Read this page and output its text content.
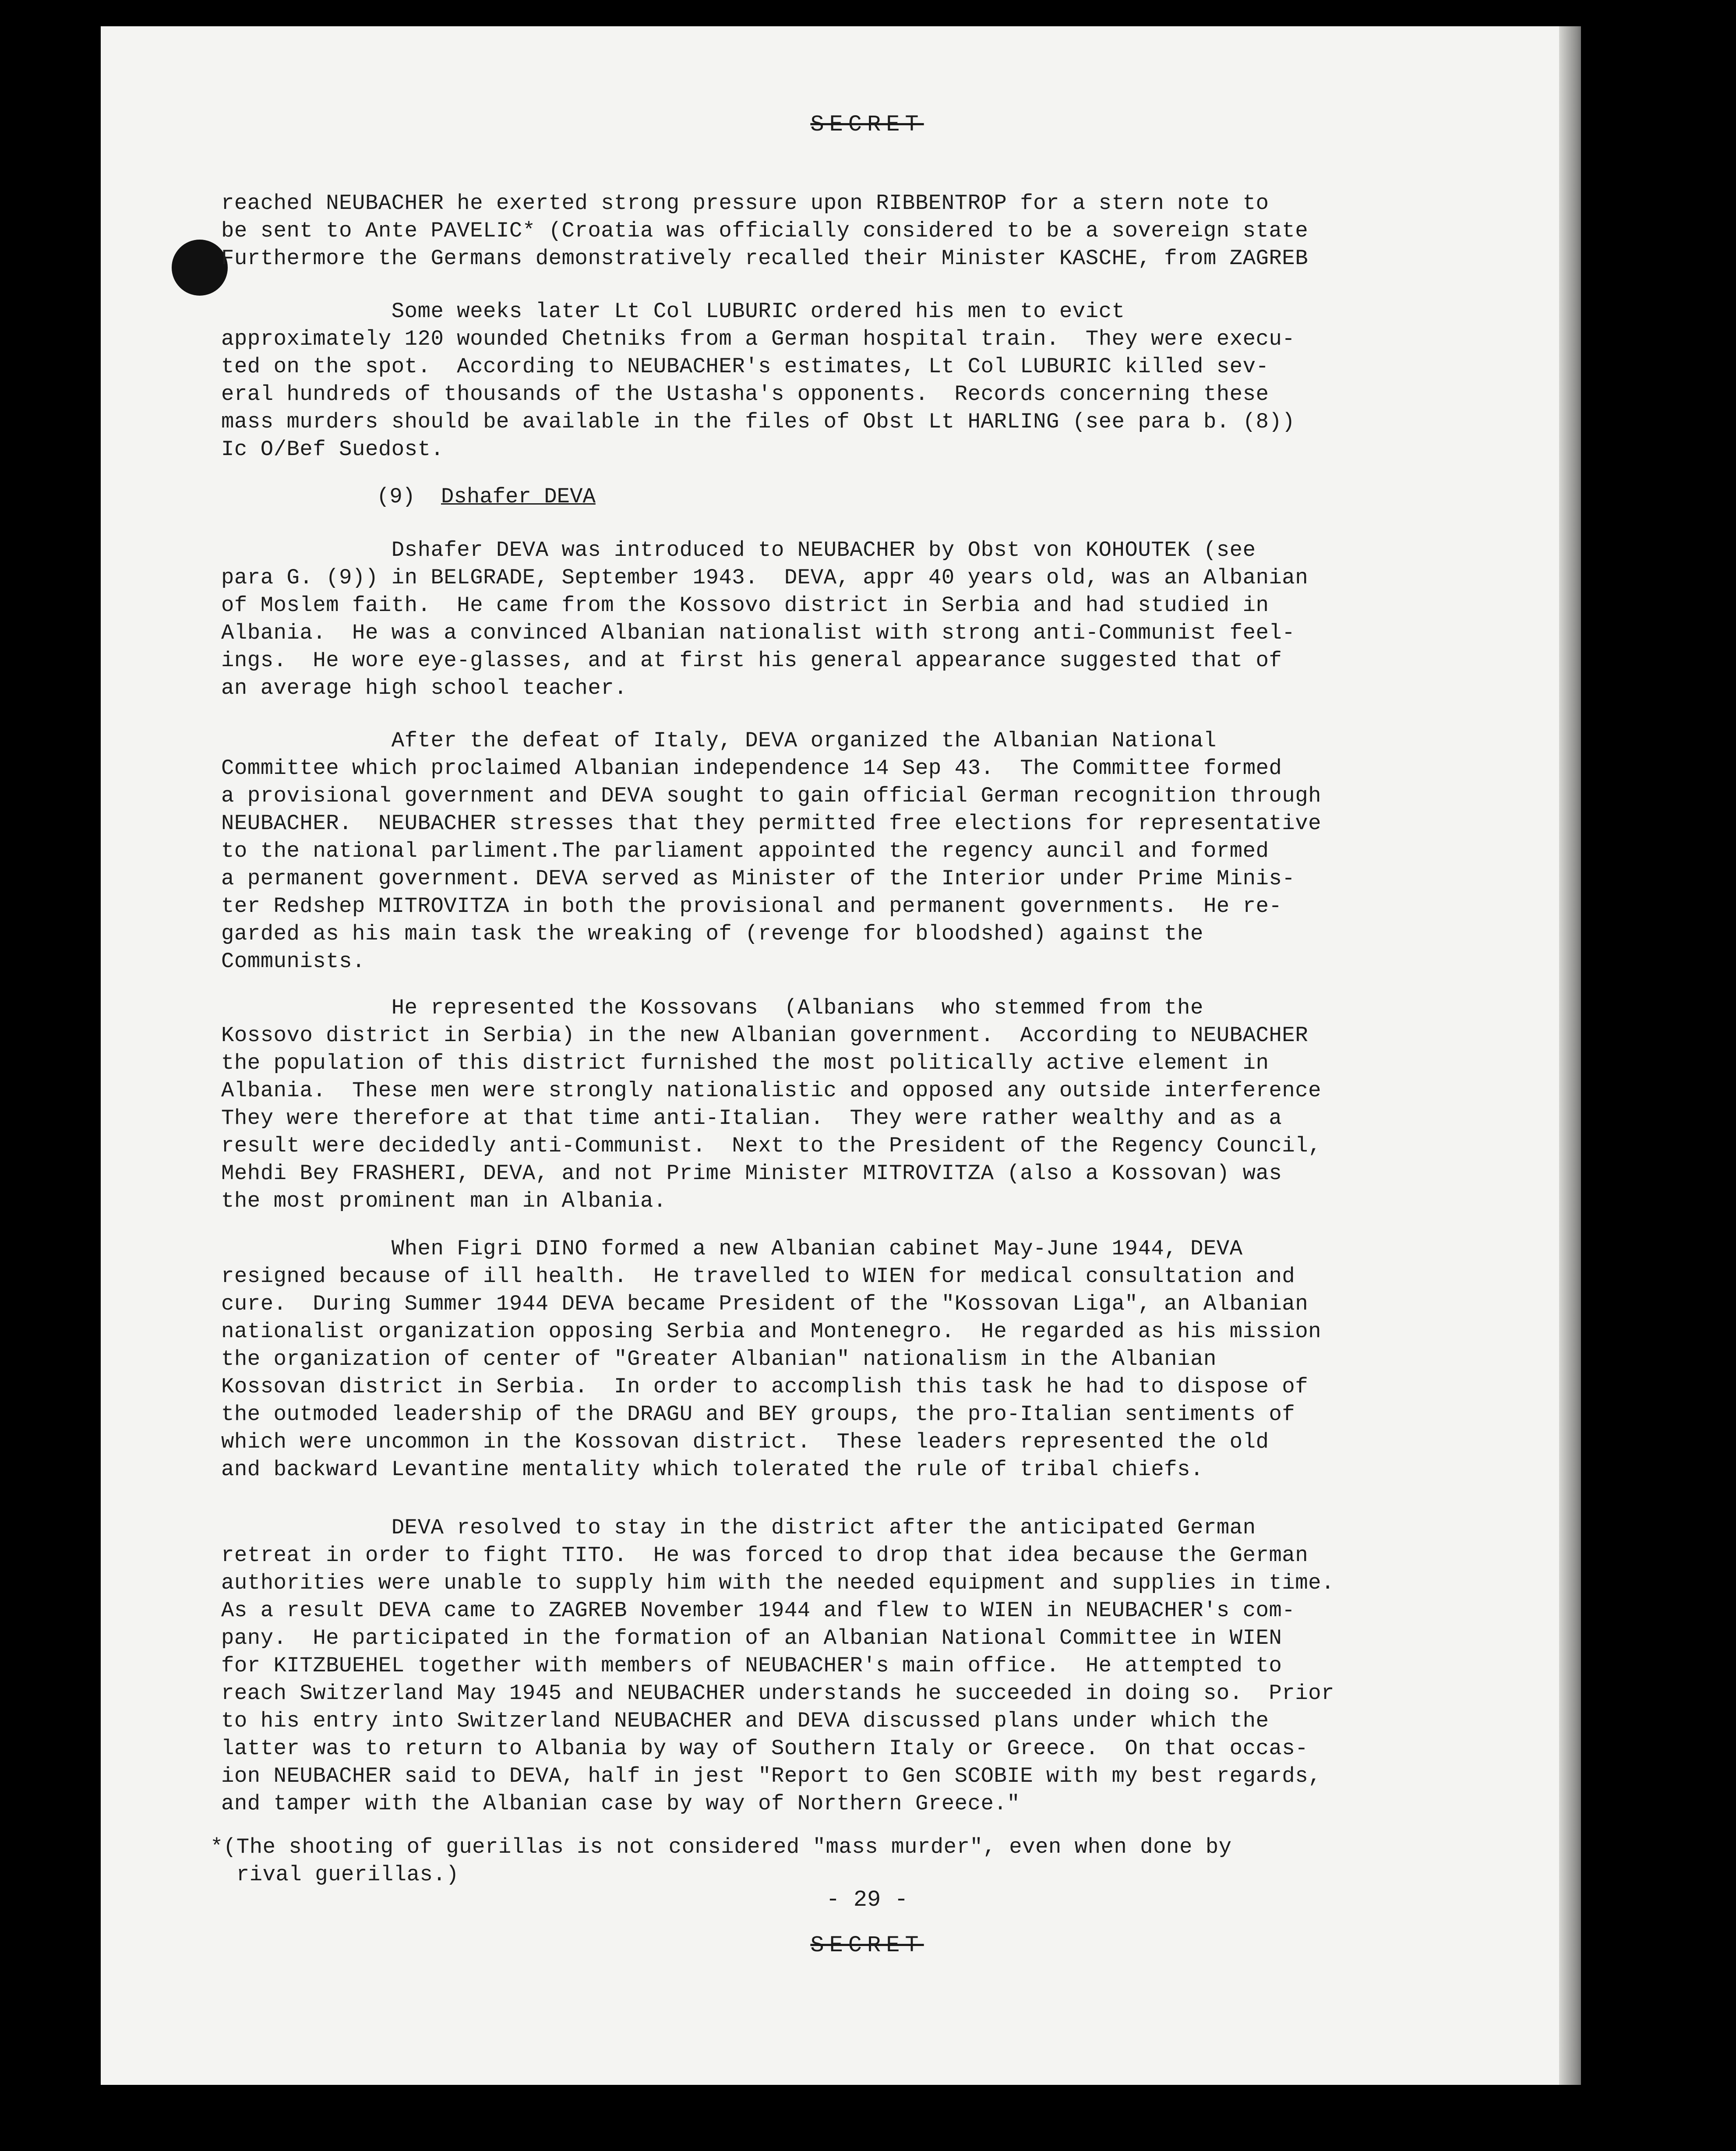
SECRET

reached NEUBACHER he exerted strong pressure upon RIBBENTROP for a stern note to
be sent to Ante PAVELIC* (Croatia was officially considered to be a sovereign state
Furthermore the Germans demonstratively recalled their Minister KASCHE, from ZAGREB

Some weeks later Lt Col LUBURIC ordered his men to evict
approximately 120 wounded Chetniks from a German hospital train.  They were execu-
ted on the spot.  According to NEUBACHER's estimates, Lt Col LUBURIC killed sev-
eral hundreds of thousands of the Ustasha's opponents.  Records concerning these
mass murders should be available in the files of Obst Lt HARLING (see para b. (8))
Ic O/Bef Suedost.

(9) Dshafer DEVA

Dshafer DEVA was introduced to NEUBACHER by Obst von KOHOUTEK (see
para G. (9)) in BELGRADE, September 1943.  DEVA, appr 40 years old, was an Albanian
of Moslem faith.  He came from the Kossovo district in Serbia and had studied in
Albania.  He was a convinced Albanian nationalist with strong anti-Communist feel-
ings.  He wore eye-glasses, and at first his general appearance suggested that of
an average high school teacher.

After the defeat of Italy, DEVA organized the Albanian National
Committee which proclaimed Albanian independence 14 Sep 43.  The Committee formed
a provisional government and DEVA sought to gain official German recognition through
NEUBACHER.  NEUBACHER stresses that they permitted free elections for representative
to the national parliment.The parliament appointed the regency auncil and formed
a permanent government. DEVA served as Minister of the Interior under Prime Minis-
ter Redshep MITROVITZA in both the provisional and permanent governments.  He re-
garded as his main task the wreaking of (revenge for bloodshed) against the
Communists.

He represented the Kossovans  (Albanians  who stemmed from the
Kossovo district in Serbia) in the new Albanian government.  According to NEUBACHER
the population of this district furnished the most politically active element in
Albania.  These men were strongly nationalistic and opposed any outside interference
They were therefore at that time anti-Italian.  They were rather wealthy and as a
result were decidedly anti-Communist.  Next to the President of the Regency Council,
Mehdi Bey FRASHERI, DEVA, and not Prime Minister MITROVITZA (also a Kossovan) was
the most prominent man in Albania.

When Figri DINO formed a new Albanian cabinet May-June 1944, DEVA
resigned because of ill health.  He travelled to WIEN for medical consultation and
cure.  During Summer 1944 DEVA became President of the "Kossovan Liga", an Albanian
nationalist organization opposing Serbia and Montenegro.  He regarded as his mission
the organization of center of "Greater Albanian" nationalism in the Albanian
Kossovan district in Serbia.  In order to accomplish this task he had to dispose of
the outmoded leadership of the DRAGU and BEY groups, the pro-Italian sentiments of
which were uncommon in the Kossovan district.  These leaders represented the old
and backward Levantine mentality which tolerated the rule of tribal chiefs.

DEVA resolved to stay in the district after the anticipated German
retreat in order to fight TITO.  He was forced to drop that idea because the German
authorities were unable to supply him with the needed equipment and supplies in time.
As a result DEVA came to ZAGREB November 1944 and flew to WIEN in NEUBACHER's com-
pany.  He participated in the formation of an Albanian National Committee in WIEN
for KITZBUEHEL together with members of NEUBACHER's main office.  He attempted to
reach Switzerland May 1945 and NEUBACHER understands he succeeded in doing so.  Prior
to his entry into Switzerland NEUBACHER and DEVA discussed plans under which the
latter was to return to Albania by way of Southern Italy or Greece.  On that occas-
ion NEUBACHER said to DEVA, half in jest "Report to Gen SCOBIE with my best regards,
and tamper with the Albanian case by way of Northern Greece."

*(The shooting of guerillas is not considered "mass murder", even when done by
rival guerillas.)

- 29 -

SECRET
